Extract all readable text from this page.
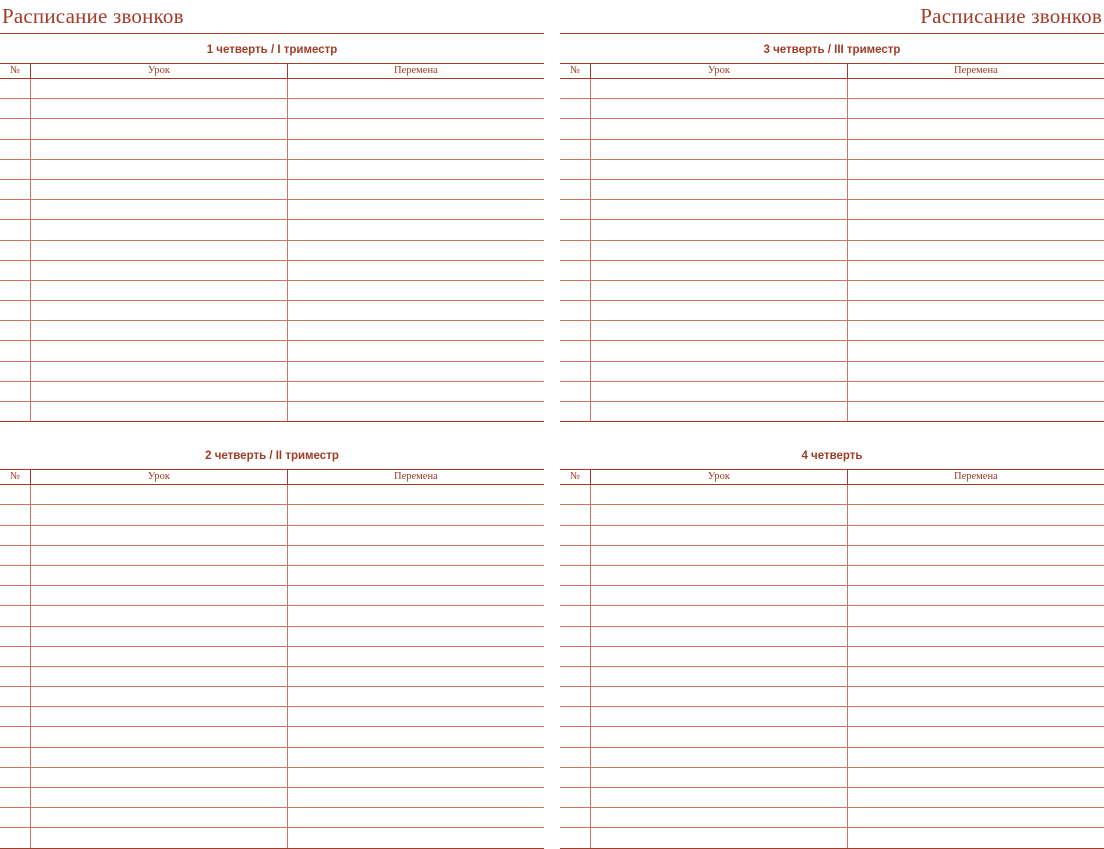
Расписание звонков
1 четверть / I триместр
№	Урок	Перемена

2 четверть / II триместр
№	Урок	Перемена

Расписание звонков
3 четверть / III триместр
№	Урок	Перемена

4 четверть
№	Урок	Перемена
